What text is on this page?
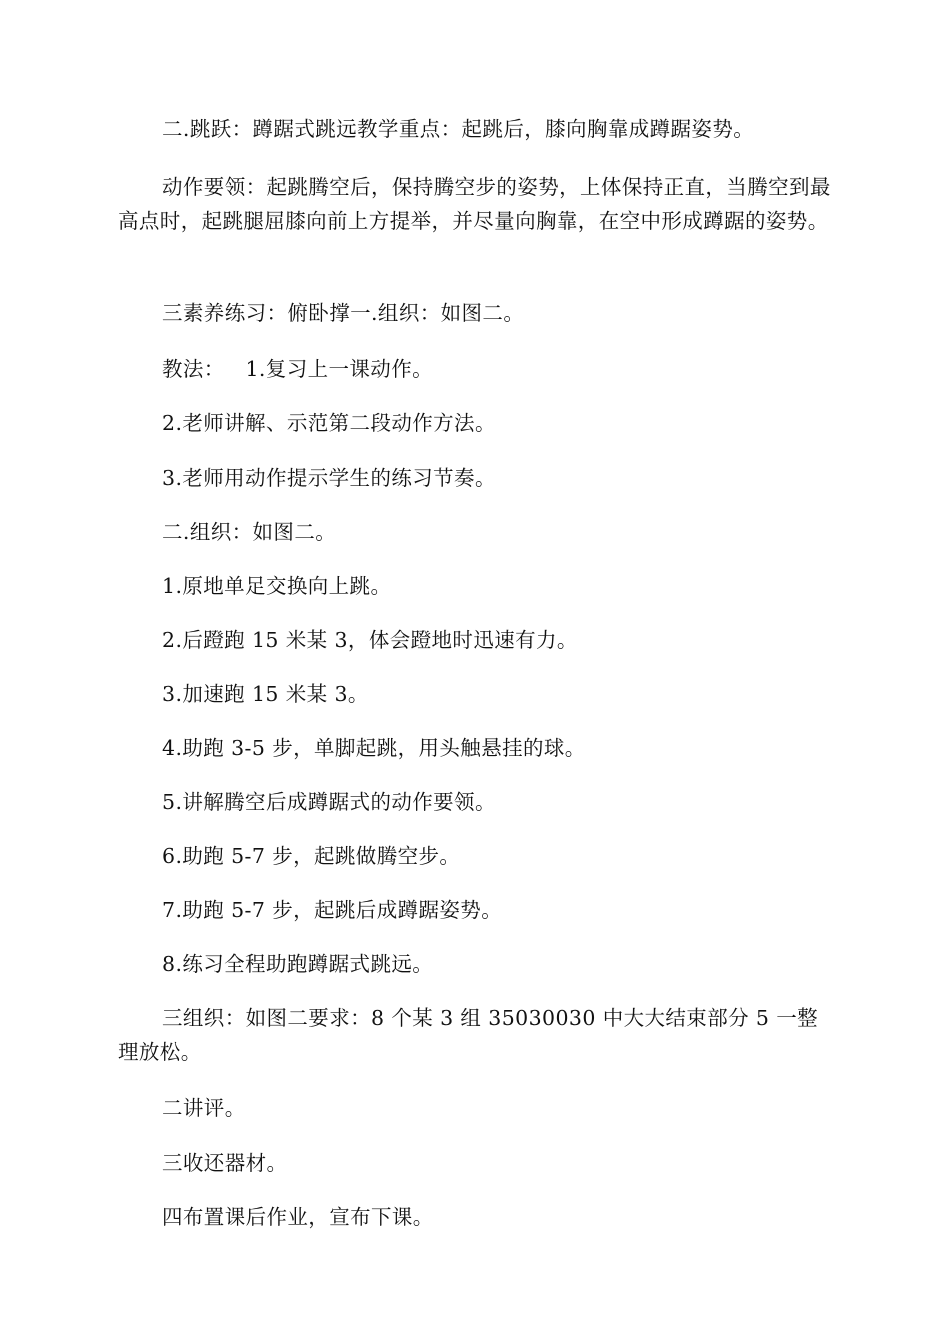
二.跳跃：蹲踞式跳远教学重点：起跳后，膝向胸靠成蹲踞姿势。

动作要领：起跳腾空后，保持腾空步的姿势，上体保持正直，当腾空到最高点时，起跳腿屈膝向前上方提举，并尽量向胸靠，在空中形成蹲踞的姿势。

三素养练习：俯卧撑一.组织：如图二。

教法：   1.复习上一课动作。

2.老师讲解、示范第二段动作方法。

3.老师用动作提示学生的练习节奏。

二.组织：如图二。

1.原地单足交换向上跳。

2.后蹬跑 15 米某 3，体会蹬地时迅速有力。

3.加速跑 15 米某 3。

4.助跑 3-5 步，单脚起跳，用头触悬挂的球。

5.讲解腾空后成蹲踞式的动作要领。

6.助跑 5-7 步，起跳做腾空步。

7.助跑 5-7 步，起跳后成蹲踞姿势。

8.练习全程助跑蹲踞式跳远。

三组织：如图二要求：8 个某 3 组 35030030 中大大结束部分 5 一整理放松。

二讲评。

三收还器材。

四布置课后作业，宣布下课。
